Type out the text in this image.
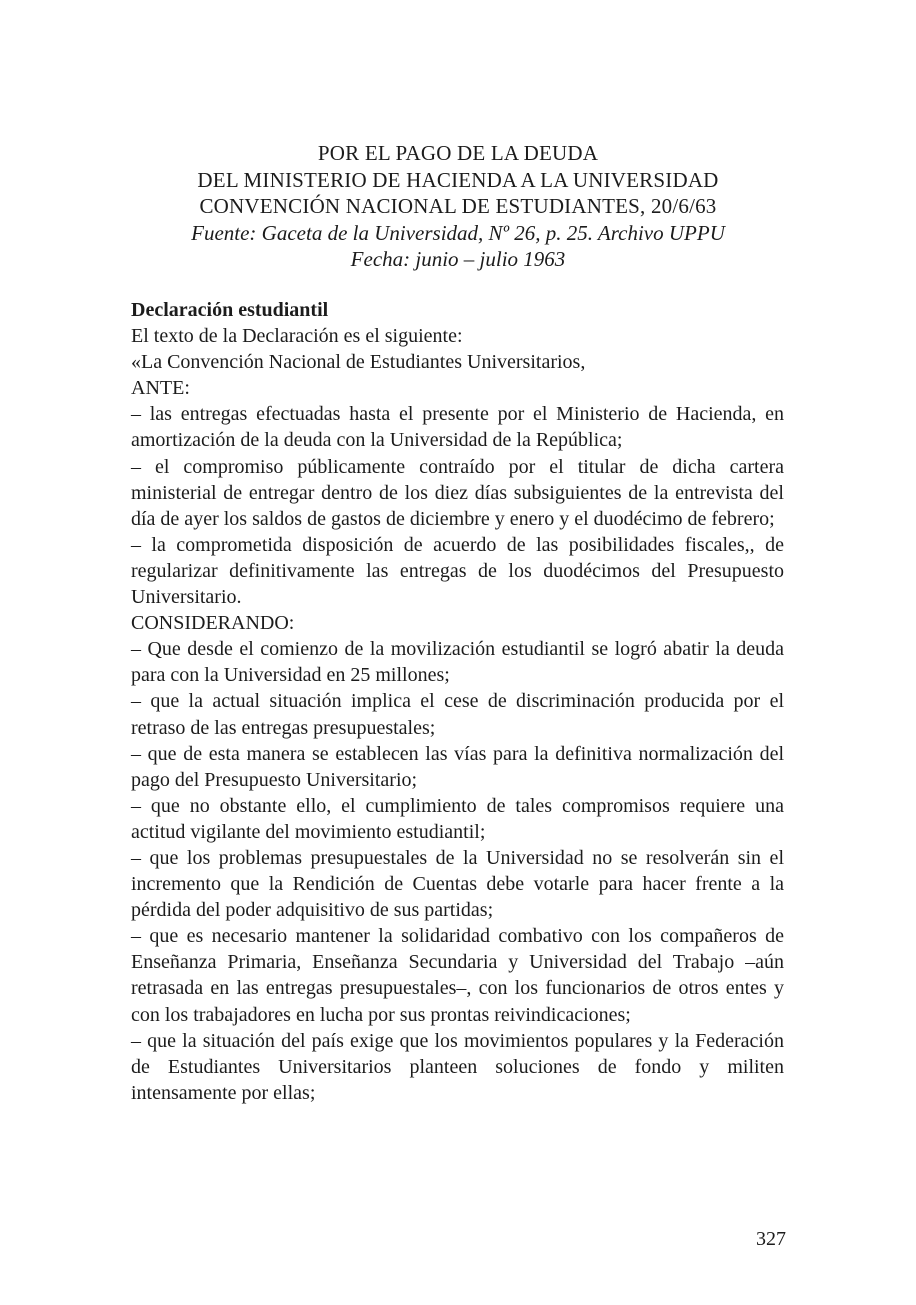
POR EL PAGO DE LA DEUDA
DEL MINISTERIO DE HACIENDA A LA UNIVERSIDAD
CONVENCIÓN NACIONAL DE ESTUDIANTES, 20/6/63
Fuente: Gaceta de la Universidad, Nº 26, p. 25. Archivo UPPU
Fecha: junio – julio 1963

Declaración estudiantil

El texto de la Declaración es el siguiente:

«La Convención Nacional de Estudiantes Universitarios,

ANTE:

– las entregas efectuadas hasta el presente por el Ministerio de Hacienda, en amortización de la deuda con la Universidad de la República;

– el compromiso públicamente contraído por el titular de dicha cartera ministerial de entregar dentro de los diez días subsiguientes de la entrevista del día de ayer los saldos de gastos de diciembre y enero y el duodécimo de febrero;

– la comprometida disposición de acuerdo de las posibilidades fiscales,, de regularizar definitivamente las entregas de los duodécimos del Presupuesto Universitario.

CONSIDERANDO:

– Que desde el comienzo de la movilización estudiantil se logró abatir la deuda para con la Universidad en 25 millones;

– que la actual situación implica el cese de discriminación producida por el retraso de las entregas presupuestales;

– que de esta manera se establecen las vías para la definitiva normalización del pago del Presupuesto Universitario;

– que no obstante ello, el cumplimiento de tales compromisos requiere una actitud vigilante del movimiento estudiantil;

– que los problemas presupuestales de la Universidad no se resolverán sin el incremento que la Rendición de Cuentas debe votarle para hacer frente a la pérdida del poder adquisitivo de sus partidas;

– que es necesario mantener la solidaridad combativo con los compañeros de Enseñanza Primaria, Enseñanza Secundaria y Universidad del Trabajo –aún retrasada en las entregas presupuestales–, con los funcionarios de otros entes y con los trabajadores en lucha por sus prontas reivindicaciones;

– que la situación del país exige que los movimientos populares y la Federación de Estudiantes Universitarios planteen soluciones de fondo y militen intensamente por ellas;

327
